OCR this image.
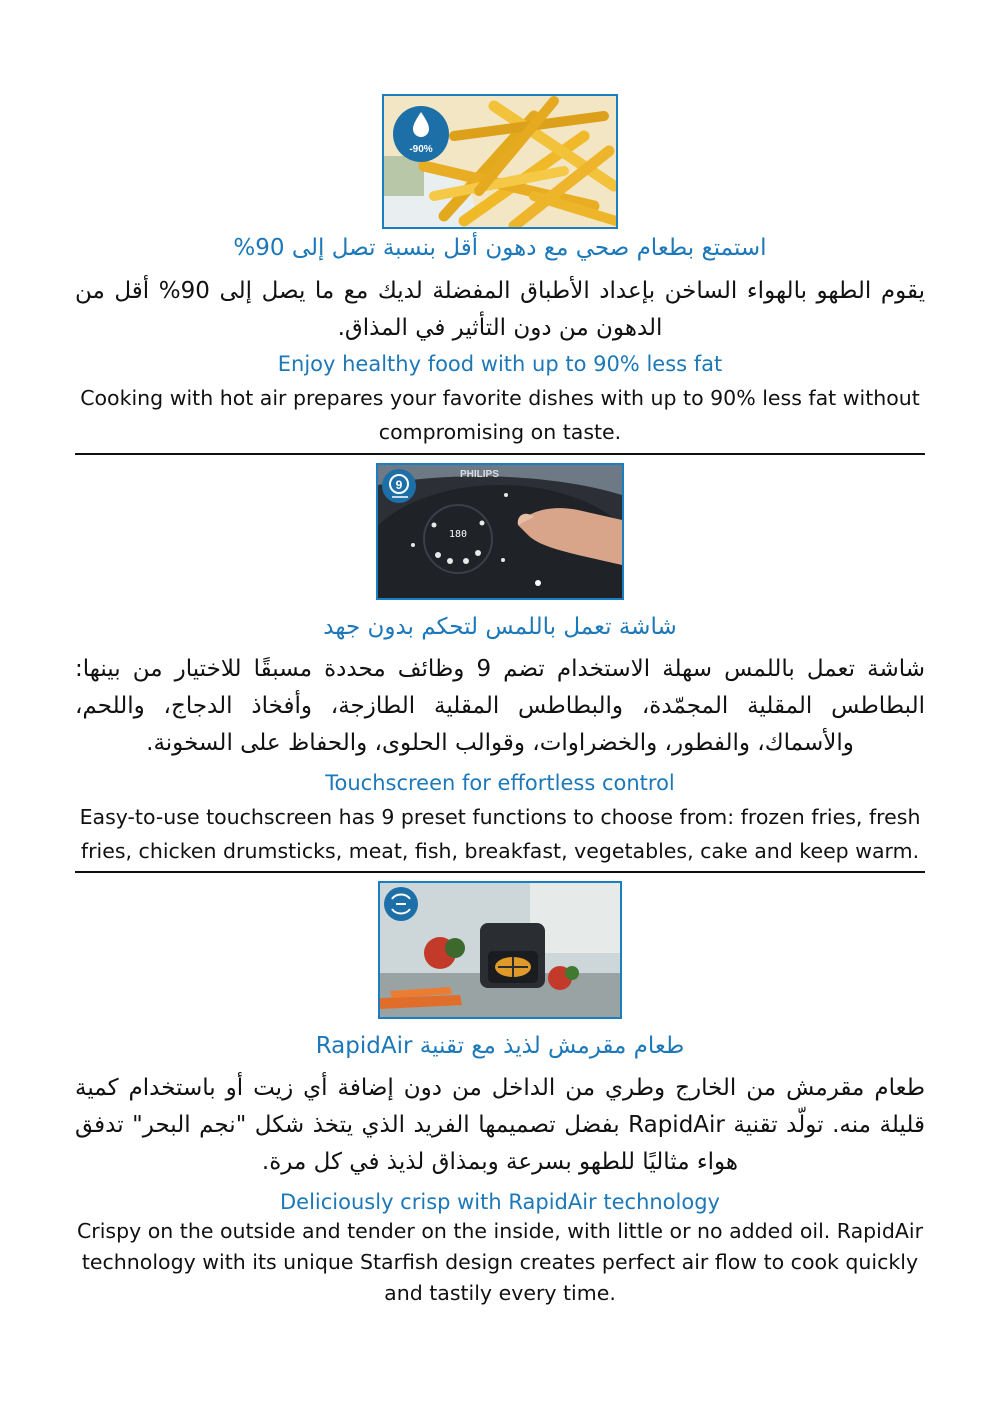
-90%
استمتع بطعام صحي مع دهون أقل بنسبة تصل إلى 90%
يقوم الطهو بالهواء الساخن بإعداد الأطباق المفضلة لديك مع ما يصل إلى 90% أقل من الدهون من دون التأثير في المذاق.
Enjoy healthy food with up to 90% less fat
Cooking with hot air prepares your favorite dishes with up to 90% less fat without compromising on taste.
PHILIPS
180
9
شاشة تعمل باللمس لتحكم بدون جهد
شاشة تعمل باللمس سهلة الاستخدام تضم 9 وظائف محددة مسبقًا للاختيار من بينها: البطاطس المقلية المجمّدة، والبطاطس المقلية الطازجة، وأفخاذ الدجاج، واللحم، والأسماك، والفطور، والخضراوات، وقوالب الحلوى، والحفاظ على السخونة.
Touchscreen for effortless control
Easy-to-use touchscreen has 9 preset functions to choose from: frozen fries, fresh fries, chicken drumsticks, meat, fish, breakfast, vegetables, cake and keep warm.
طعام مقرمش لذيذ مع تقنية RapidAir
طعام مقرمش من الخارج وطري من الداخل من دون إضافة أي زيت أو باستخدام كمية قليلة منه. تولّد تقنية RapidAir بفضل تصميمها الفريد الذي يتخذ شكل "نجم البحر" تدفق هواء مثاليًا للطهو بسرعة وبمذاق لذيذ في كل مرة.
Deliciously crisp with RapidAir technology
Crispy on the outside and tender on the inside, with little or no added oil. RapidAir technology with its unique Starfish design creates perfect air flow to cook quickly and tastily every time.
